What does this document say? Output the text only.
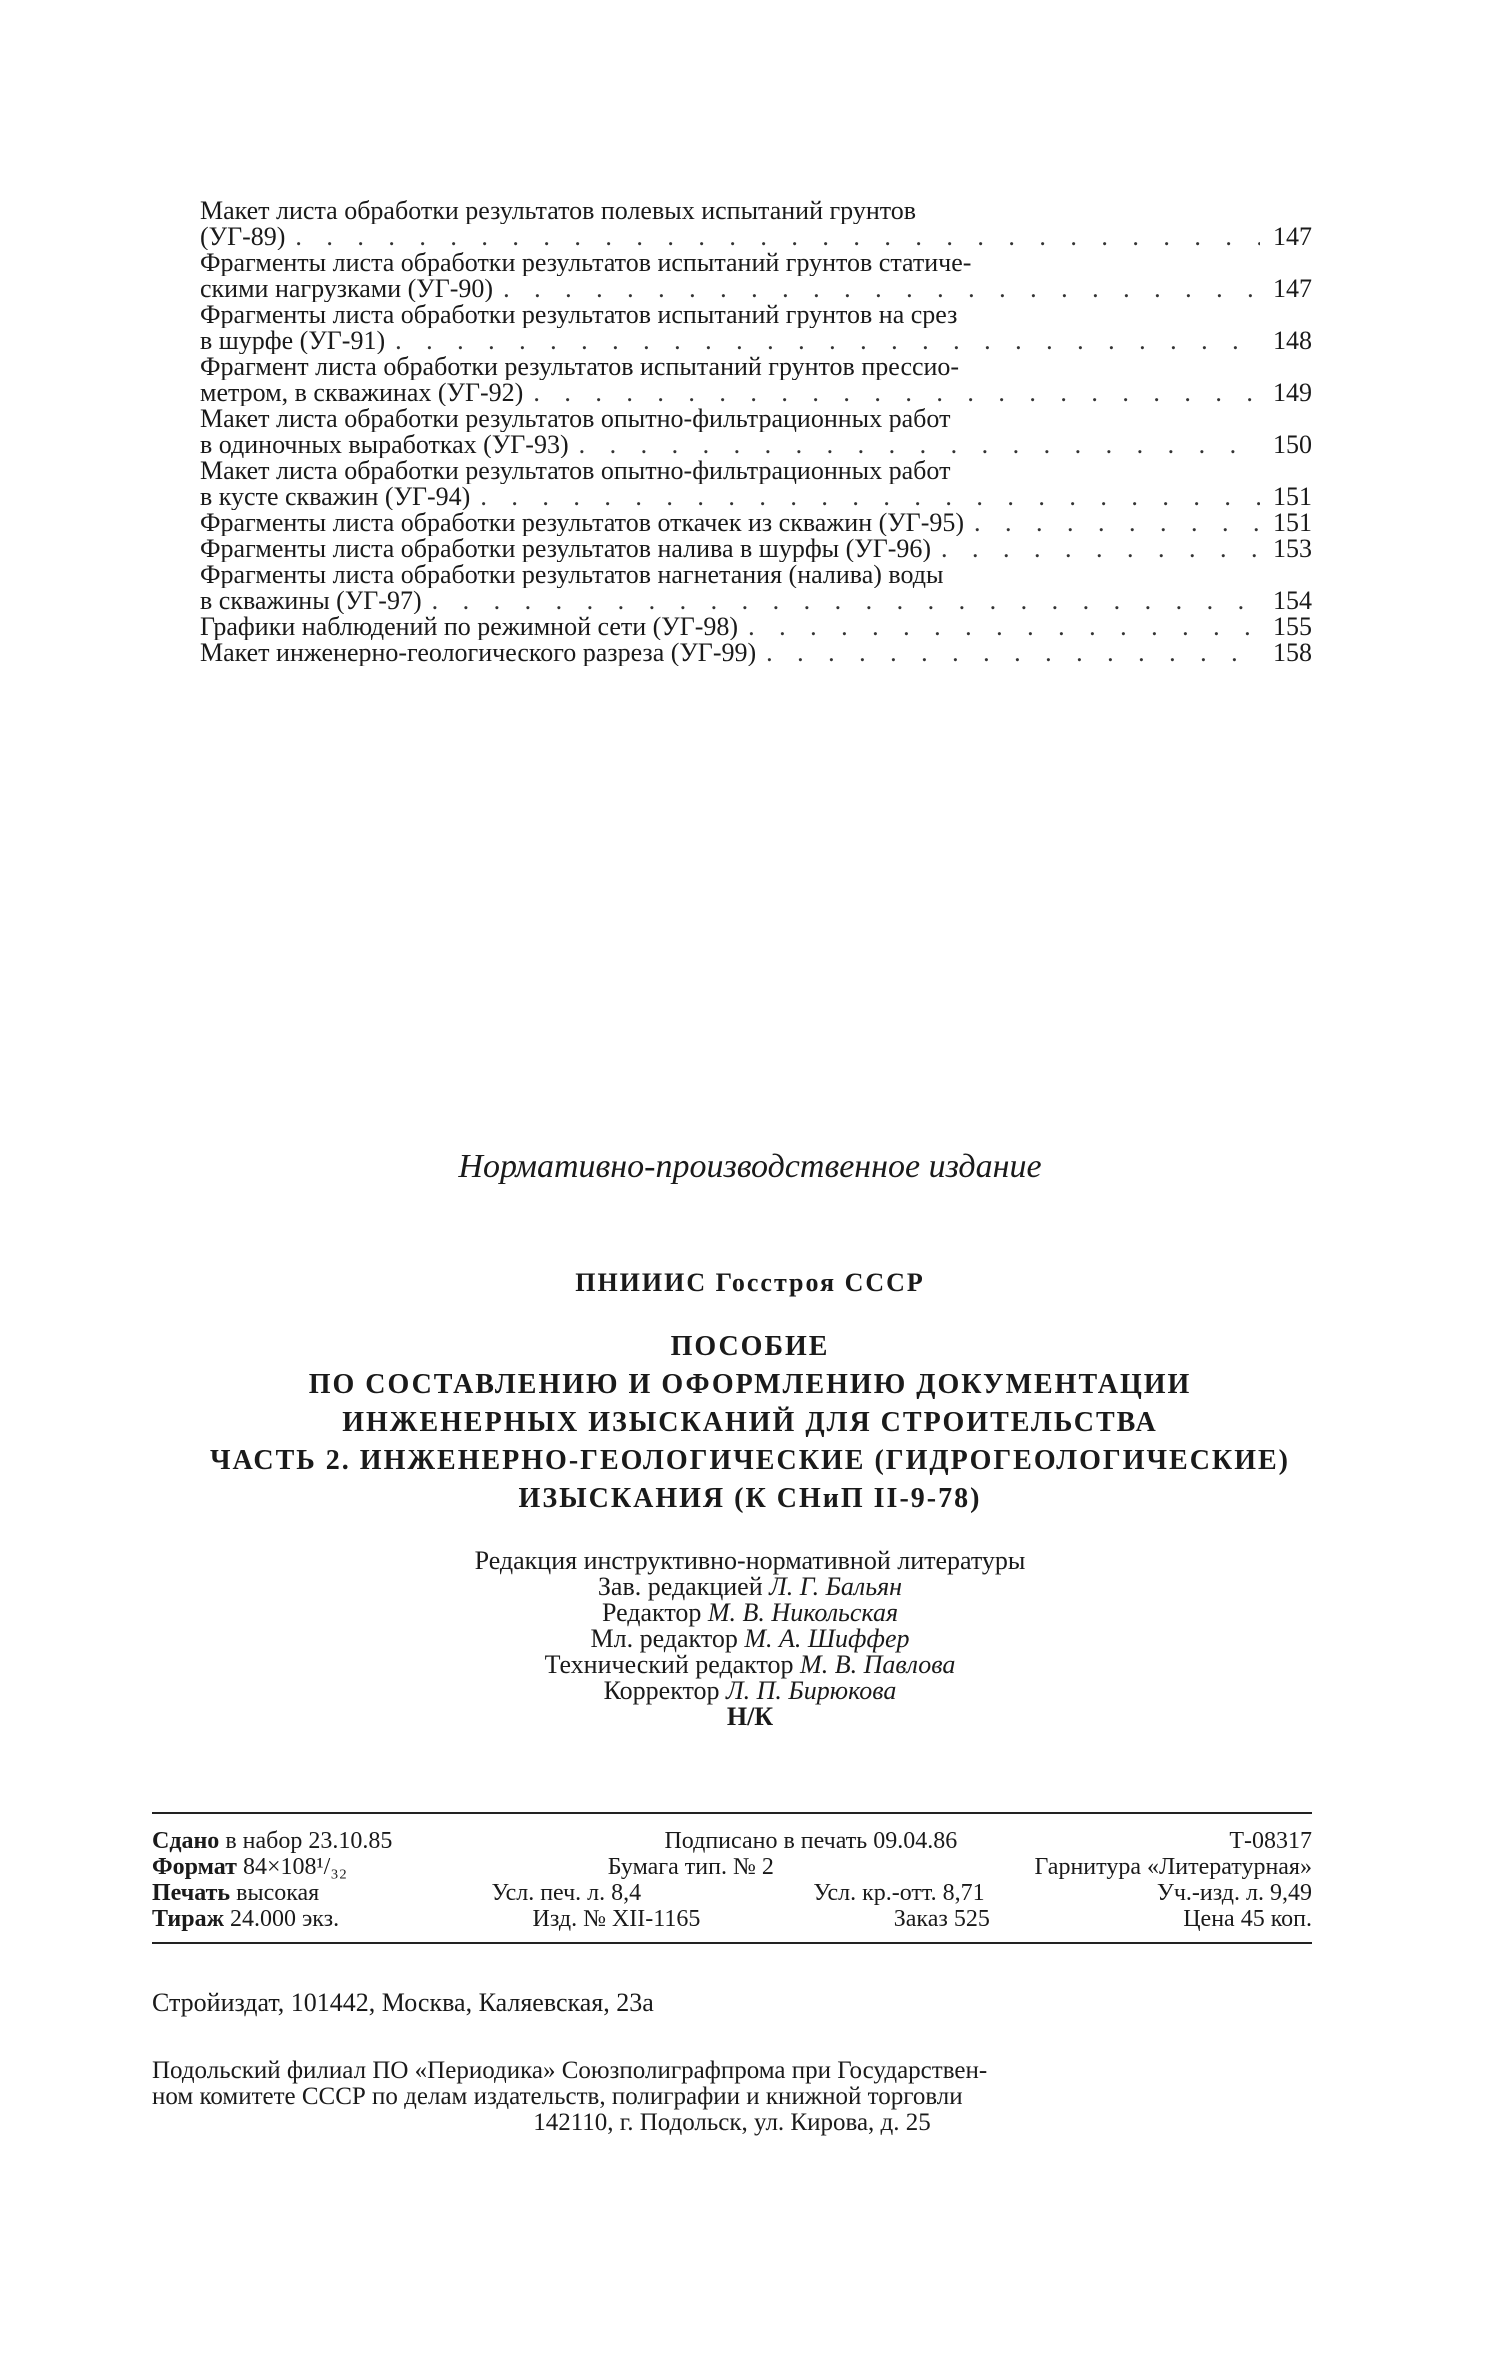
Макет листа обработки результатов полевых испытаний грунтов
(УГ-89) . . .	147
Фрагменты листа обработки результатов испытаний грунтов статиче-
скими нагрузками (УГ-90) . . .	147
Фрагменты листа обработки результатов испытаний грунтов на срез
в шурфе (УГ-91) . . .	148
Фрагмент листа обработки результатов испытаний грунтов прессио-
метром, в скважинах (УГ-92) . . .	149
Макет листа обработки результатов опытно-фильтрационных работ
в одиночных выработках (УГ-93) . . .	150
Макет листа обработки результатов опытно-фильтрационных работ
в кусте скважин (УГ-94) . . .	151
Фрагменты листа обработки результатов откачек из скважин (УГ-95) . . .	151
Фрагменты листа обработки результатов налива в шурфы (УГ-96) . . .	153
Фрагменты листа обработки результатов нагнетания (налива) воды
в скважины (УГ-97) . . .	154
Графики наблюдений по режимной сети (УГ-98) . . .	155
Макет инженерно-геологического разреза (УГ-99) . . .	158
Нормативно-производственное издание
ПНИИИС Госстроя СССР
ПОСОБИЕ
ПО СОСТАВЛЕНИЮ И ОФОРМЛЕНИЮ ДОКУМЕНТАЦИИ
ИНЖЕНЕРНЫХ ИЗЫСКАНИЙ ДЛЯ СТРОИТЕЛЬСТВА
ЧАСТЬ 2. ИНЖЕНЕРНО-ГЕОЛОГИЧЕСКИЕ (ГИДРОГЕОЛОГИЧЕСКИЕ)
ИЗЫСКАНИЯ (К СНиП II-9-78)
Редакция инструктивно-нормативной литературы
Зав. редакцией Л. Г. Бальян
Редактор М. В. Никольская
Мл. редактор М. А. Шиффер
Технический редактор М. В. Павлова
Корректор Л. П. Бирюкова
Н/К
Сдано в набор 23.10.85	Подписано в печать 09.04.86	Т-08317
Формат 84×108¹/₃₂	Бумага тип. № 2	Гарнитура «Литературная»
Печать высокая	Усл. печ. л. 8,4	Усл. кр.-отт. 8,71	Уч.-изд. л. 9,49
Тираж 24.000 экз.	Изд. № XII-1165	Заказ 525	Цена 45 коп.
Стройиздат, 101442, Москва, Каляевская, 23а
Подольский филиал ПО «Периодика» Союзполиграфпрома при Государствен-
ном комитете СССР по делам издательств, полиграфии и книжной торговли
142110, г. Подольск, ул. Кирова, д. 25
